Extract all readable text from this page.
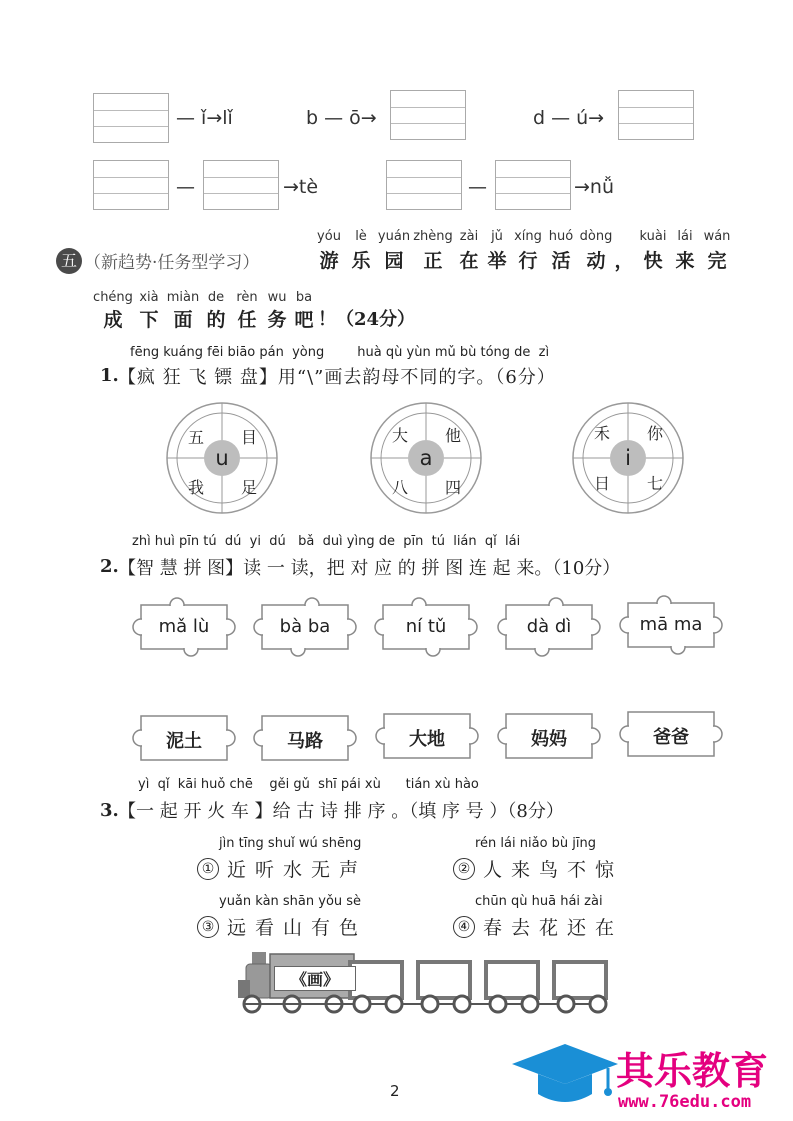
— ǐ→lǐ	b — ō→	d — ú→
—	→tè	—	→nǚ
五 （新趋势·任务型学习）
yóu
游
lè
乐
yuán
园
zhèng
正
zài
在
jǔ
举
xíng
行
huó
活
dòng
动 ，
kuài
快
lái
来
wán
完
chéng
成
xià
下
miàn
面
de
的
rèn
任
wu
务
ba
吧 ！（24分）
fēng kuáng fēi biāo pán  yòng        huà qù yùn mǔ bù tóng de  zì
1. 【疯 狂 飞 镖 盘】用“\”画去韵母不同的字。（6分）
u
五 目
我 足
a
大 他
八 四
i
禾 你
日 七
zhì huì pīn tú  dú  yi  dú   bǎ  duì yìng de  pīn  tú  lián  qǐ  lái
2. 【智 慧 拼 图】读 一 读，把 对 应 的 拼 图 连 起 来。（10分）
mǎ lù	bà ba	ní tǔ	dà dì	mā ma
泥土	马路	大地	妈妈	爸爸
yì  qǐ  kāi huǒ chē    gěi gǔ  shī pái xù      tián xù hào
3. 【一 起 开 火 车 】给 古 诗 排 序 。（填 序 号 ）（8分）
jìn tīng shuǐ wú shēng
① 近听水无声
rén lái niǎo bù jīng
② 人来鸟不惊
yuǎn kàn shān yǒu sè
③ 远看山有色
chūn qù huā hái zài
④ 春去花还在
《画》
2	其乐教育
www.76edu.com
